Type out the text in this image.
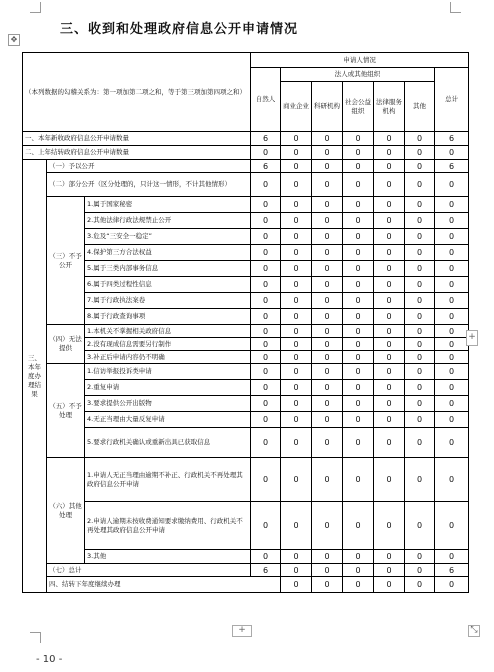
三、收到和处理政府信息公开申请情况
✥
（本列数据的勾稽关系为：第一项加第二项之和，等于第三项加第四项之和）			申请人情况							
			自然人	法人或其他组织					总计	
				商业企业	科研机构	社会公益组织	法律服务机构	其他		
一、本年新收政府信息公开申请数量			6	0	0	0	0	0	6	
二、上年结转政府信息公开申请数量			0	0	0	0	0	0	0	
三、本年度办理结果	（一）予以公开		6	0	0	0	0	0	6	
	（二）部分公开（区分处理的，只计这一情形，不计其他情形）		0	0	0	0	0	0	0	
	（三）不予公开	1.属于国家秘密	0	0	0	0	0	0	0	
		2.其他法律行政法规禁止公开	0	0	0	0	0	0	0	
		3.危及“三安全一稳定”	0	0	0	0	0	0	0	
		4.保护第三方合法权益	0	0	0	0	0	0	0	
		5.属于三类内部事务信息	0	0	0	0	0	0	0	
		6.属于四类过程性信息	0	0	0	0	0	0	0	
		7.属于行政执法案卷	0	0	0	0	0	0	0	
		8.属于行政查询事项	0	0	0	0	0	0	0	
	（四）无法提供	1.本机关不掌握相关政府信息	0	0	0	0	0	0	0	
		2.没有现成信息需要另行制作	0	0	0	0	0	0	0	
		3.补正后申请内容仍不明确	0	0	0	0	0	0	0	
	（五）不予处理	1.信访举报投诉类申请	0	0	0	0	0	0	0	
		2.重复申请	0	0	0	0	0	0	0	
		3.要求提供公开出版物	0	0	0	0	0	0	0	
		4.无正当理由大量反复申请	0	0	0	0	0	0	0	
		5.要求行政机关确认或重新出具已获取信息	0	0	0	0	0	0	0	
	（六）其他处理	1.申请人无正当理由逾期不补正、行政机关不再处理其政府信息公开申请	0	0	0	0	0	0	0	
		2.申请人逾期未按收费通知要求缴纳费用、行政机关不再处理其政府信息公开申请	0	0	0	0	0	0	0	
		3.其他	0	0	0	0	0	0	0	
	（七）总计		6	0	0	0	0	0	6	
	四、结转下年度继续办理			0	0	0	0	0	0	
+
+
⤡
- 10 -
